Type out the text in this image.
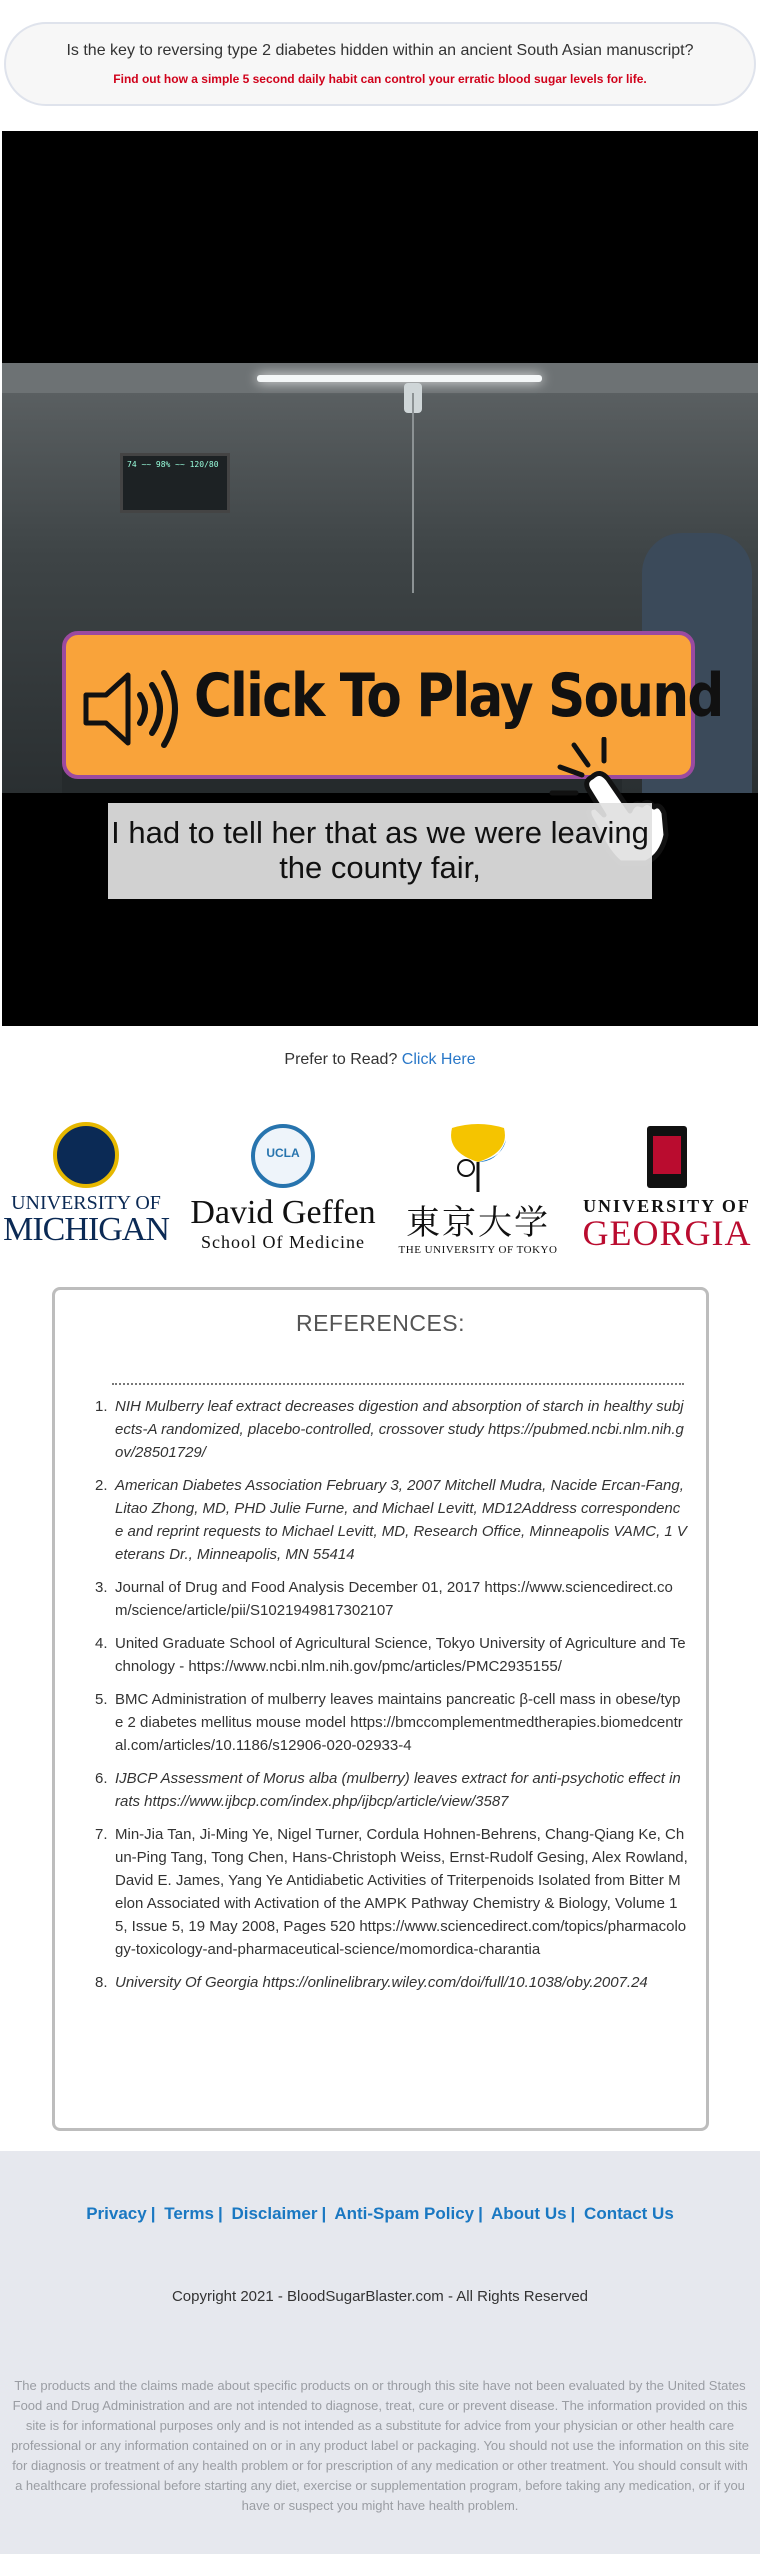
Is the key to reversing type 2 diabetes hidden within an ancient South Asian manuscript?
Find out how a simple 5 second daily habit can control your erratic blood sugar levels for life.
74 ~~ 98% ~~ 120/80
Click To Play Sound
I had to tell her that as we were leaving the county fair,
Prefer to Read? Click Here
UNIVERSITY OF
MICHIGAN
UCLA
David Geffen
School Of Medicine	東京大学
THE UNIVERSITY OF TOKYO
UNIVERSITY OF
GEORGIA
REFERENCES:
1. NIH Mulberry leaf extract decreases digestion and absorption of starch in healthy subjects-A randomized, placebo-controlled, crossover study https://pubmed.ncbi.nlm.nih.gov/28501729/
2. American Diabetes Association February 3, 2007 Mitchell Mudra, Nacide Ercan-Fang, Litao Zhong, MD, PHD Julie Furne, and Michael Levitt, MD12Address correspondence and reprint requests to Michael Levitt, MD, Research Office, Minneapolis VAMC, 1 Veterans Dr., Minneapolis, MN 55414
3. Journal of Drug and Food Analysis December 01, 2017 https://www.sciencedirect.com/science/article/pii/S1021949817302107
4. United Graduate School of Agricultural Science, Tokyo University of Agriculture and Technology - https://www.ncbi.nlm.nih.gov/pmc/articles/PMC2935155/
5. BMC Administration of mulberry leaves maintains pancreatic β-cell mass in obese/type 2 diabetes mellitus mouse model https://bmccomplementmedtherapies.biomedcentral.com/articles/10.1186/s12906-020-02933-4
6. IJBCP Assessment of Morus alba (mulberry) leaves extract for anti-psychotic effect in rats https://www.ijbcp.com/index.php/ijbcp/article/view/3587
7. Min-Jia Tan, Ji-Ming Ye, Nigel Turner, Cordula Hohnen-Behrens, Chang-Qiang Ke, Chun-Ping Tang, Tong Chen, Hans-Christoph Weiss, Ernst-Rudolf Gesing, Alex Rowland, David E. James, Yang Ye Antidiabetic Activities of Triterpenoids Isolated from Bitter Melon Associated with Activation of the AMPK Pathway Chemistry & Biology, Volume 15, Issue 5, 19 May 2008, Pages 520 https://www.sciencedirect.com/topics/pharmacology-toxicology-and-pharmaceutical-science/momordica-charantia
8. University Of Georgia https://onlinelibrary.wiley.com/doi/full/10.1038/oby.2007.24
Privacy | Terms | Disclaimer | Anti-Spam Policy | About Us | Contact Us
Copyright 2021 - BloodSugarBlaster.com - All Rights Reserved
The products and the claims made about specific products on or through this site have not been evaluated by the United States Food and Drug Administration and are not intended to diagnose, treat, cure or prevent disease. The information provided on this site is for informational purposes only and is not intended as a substitute for advice from your physician or other health care professional or any information contained on or in any product label or packaging. You should not use the information on this site for diagnosis or treatment of any health problem or for prescription of any medication or other treatment. You should consult with a healthcare professional before starting any diet, exercise or supplementation program, before taking any medication, or if you have or suspect you might have health problem.
